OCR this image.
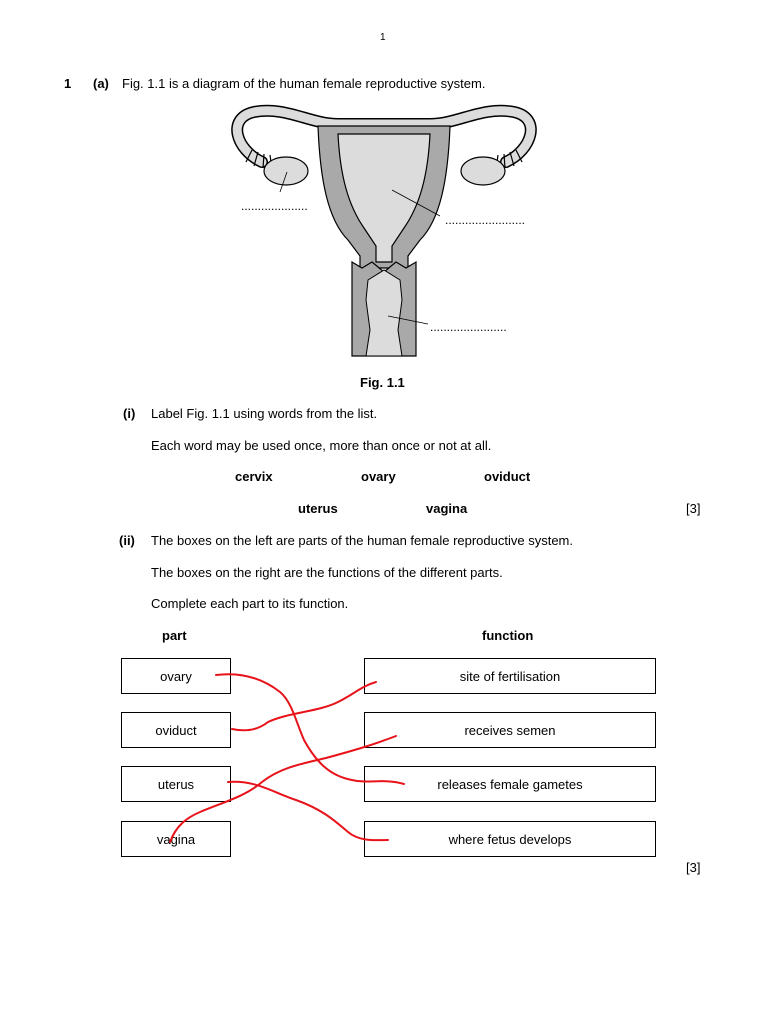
1
1 (a) Fig. 1.1 is a diagram of the human female reproductive system.
....................
........................
.......................
Fig. 1.1
(i) Label Fig. 1.1 using words from the list.
Each word may be used once, more than once or not at all.
cervix	ovary	oviduct
uterus	vagina	[3]
(ii) The boxes on the left are parts of the human female reproductive system.
The boxes on the right are the functions of the different parts.
Complete each part to its function.
part	function
ovary
oviduct
uterus
vagina
site of fertilisation
receives semen
releases female gametes
where fetus develops
[3]
